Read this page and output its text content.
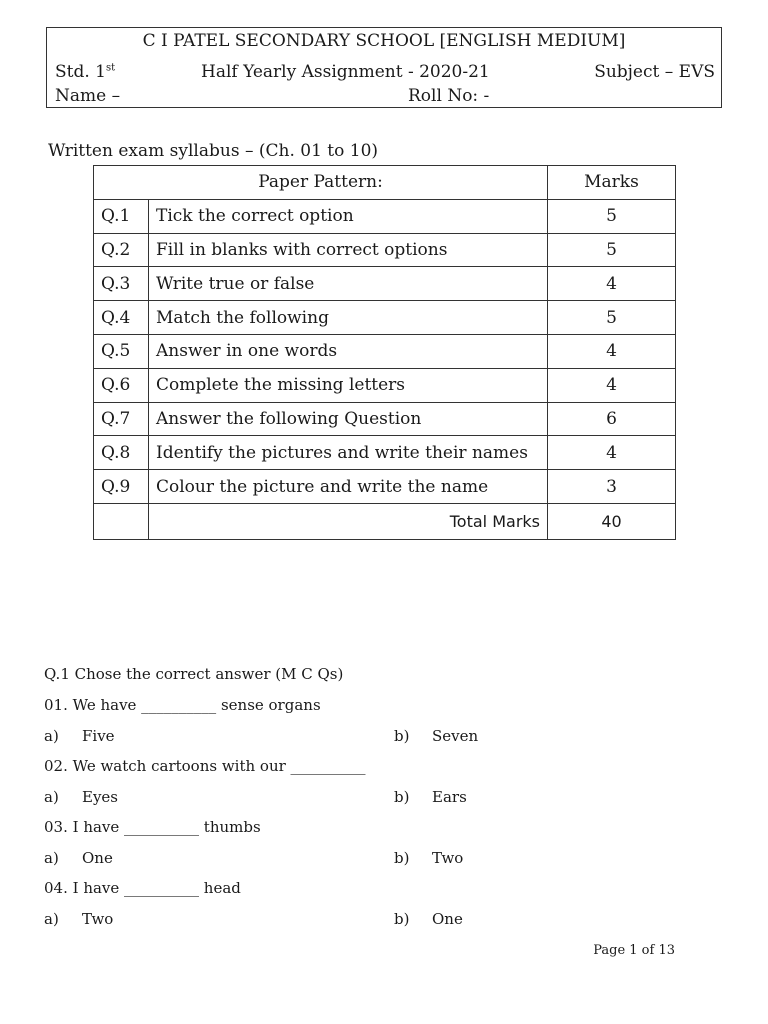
C I PATEL SECONDARY SCHOOL [ENGLISH MEDIUM]
Std. 1st	Half Yearly Assignment - 2020-21	Subject – EVS
Name –	Roll No: -
Written exam syllabus – (Ch. 01 to 10)
Paper Pattern:		Marks
Q.1	Tick the correct option	5
Q.2	Fill in blanks with correct options	5
Q.3	Write true or false	4
Q.4	Match the following	5
Q.5	Answer in one words	4
Q.6	Complete the missing letters	4
Q.7	Answer the following Question	6
Q.8	Identify the pictures and write their names	4
Q.9	Colour the picture and write the name	3
	Total Marks	40
Q.1 Chose the correct answer (M C Qs)
01. We have __________ sense organs
a) Five	b) Seven
02. We watch cartoons with our __________
a) Eyes	b) Ears
03. I have __________ thumbs
a) One	b) Two
04. I have __________ head
a) Two	b) One
Page 1 of 13
